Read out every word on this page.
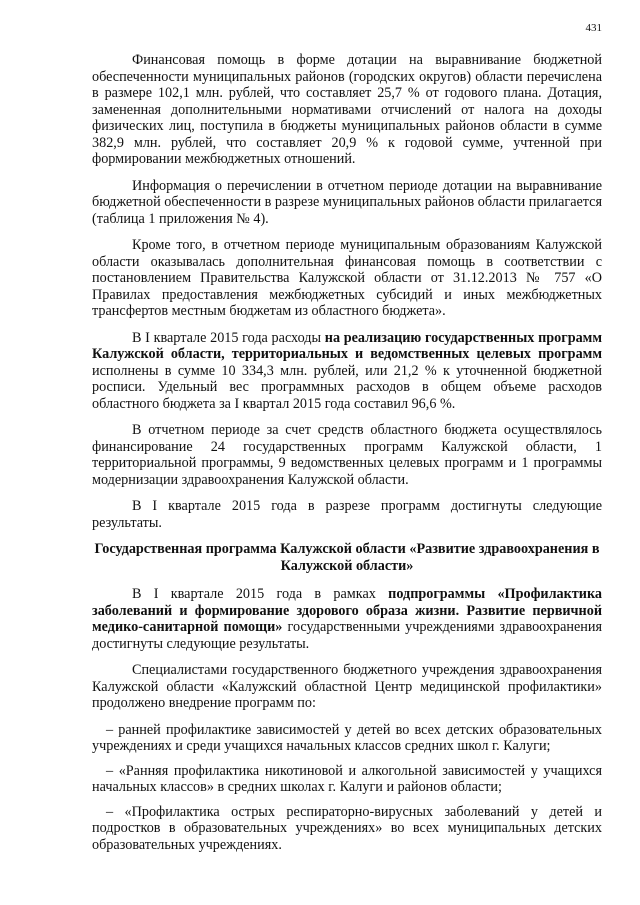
431

Финансовая помощь в форме дотации на выравнивание бюджетной обеспеченности муниципальных районов (городских округов) области перечислена в размере 102,1 млн. рублей, что составляет 25,7 % от годового плана. Дотация, замененная дополнительными нормативами отчислений от налога на доходы физических лиц, поступила в бюджеты муниципальных районов области в сумме 382,9 млн. рублей, что составляет 20,9 % к годовой сумме, учтенной при формировании межбюджетных отношений.

Информация о перечислении в отчетном периоде дотации на выравнивание бюджетной обеспеченности в разрезе муниципальных районов области прилагается (таблица 1 приложения № 4).

Кроме того, в отчетном периоде муниципальным образованиям Калужской области оказывалась дополнительная финансовая помощь в соответствии с постановлением Правительства Калужской области от 31.12.2013 № 757 «О Правилах предоставления межбюджетных субсидий и иных межбюджетных трансфертов местным бюджетам из областного бюджета».

В I квартале 2015 года расходы на реализацию государственных программ Калужской области, территориальных и ведомственных целевых программ исполнены в сумме 10 334,3 млн. рублей, или 21,2 % к уточненной бюджетной росписи. Удельный вес программных расходов в общем объеме расходов областного бюджета за I квартал 2015 года составил 96,6 %.

В отчетном периоде за счет средств областного бюджета осуществлялось финансирование 24 государственных программ Калужской области, 1 территориальной программы, 9 ведомственных целевых программ и 1 программы модернизации здравоохранения Калужской области.

В I квартале 2015 года в разрезе программ достигнуты следующие результаты.

Государственная программа Калужской области «Развитие здравоохранения в Калужской области»

В I квартале 2015 года в рамках подпрограммы «Профилактика заболеваний и формирование здорового образа жизни. Развитие первичной медико-санитарной помощи» государственными учреждениями здравоохранения достигнуты следующие результаты.

Специалистами государственного бюджетного учреждения здравоохранения Калужской области «Калужский областной Центр медицинской профилактики» продолжено внедрение программ по:

– ранней профилактике зависимостей у детей во всех детских образовательных учреждениях и среди учащихся начальных классов средних школ г. Калуги;

– «Ранняя профилактика никотиновой и алкогольной зависимостей у учащихся начальных классов» в средних школах г. Калуги и районов области;

– «Профилактика острых респираторно-вирусных заболеваний у детей и подростков в образовательных учреждениях» во всех муниципальных детских образовательных учреждениях.
